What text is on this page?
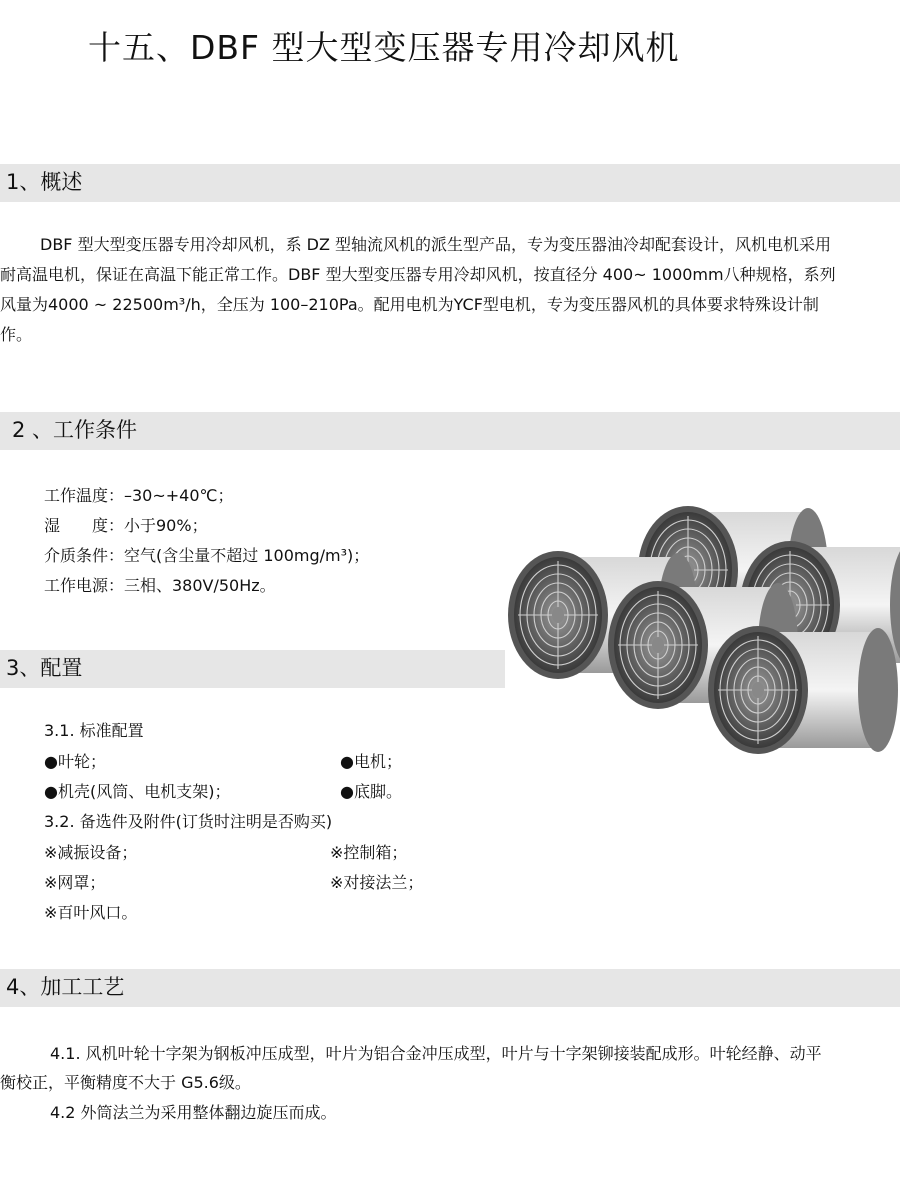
十五、DBF 型大型变压器专用冷却风机
1、概述

DBF 型大型变压器专用冷却风机，系 DZ 型轴流风机的派生型产品，专为变压器油冷却配套设计，风机电机采用耐高温电机，保证在高温下能正常工作。DBF 型大型变压器专用冷却风机，按直径分 400~ 1000mm八种规格，系列风量为4000 ~ 22500m³/h，全压为 100–210Pa。配用电机为YCF型电机，专为变压器风机的具体要求特殊设计制作。

2 、工作条件
工作温度：–30~+40℃；
湿　　度：小于90%；
介质条件：空气(含尘量不超过 100mg/m³)；
工作电源：三相、380V/50Hz。
3、配置
3.1. 标准配置
●叶轮；	●电机；
●机壳(风筒、电机支架)；	●底脚。
3.2. 备选件及附件(订货时注明是否购买)
※减振设备；	※控制箱；
※网罩；	※对接法兰；
※百叶风口。
4、加工工艺

4.1. 风机叶轮十字架为钢板冲压成型，叶片为铝合金冲压成型，叶片与十字架铆接装配成形。叶轮经静、动平衡校正，平衡精度不大于 G5.6级。

4.2 外筒法兰为采用整体翻边旋压而成。
